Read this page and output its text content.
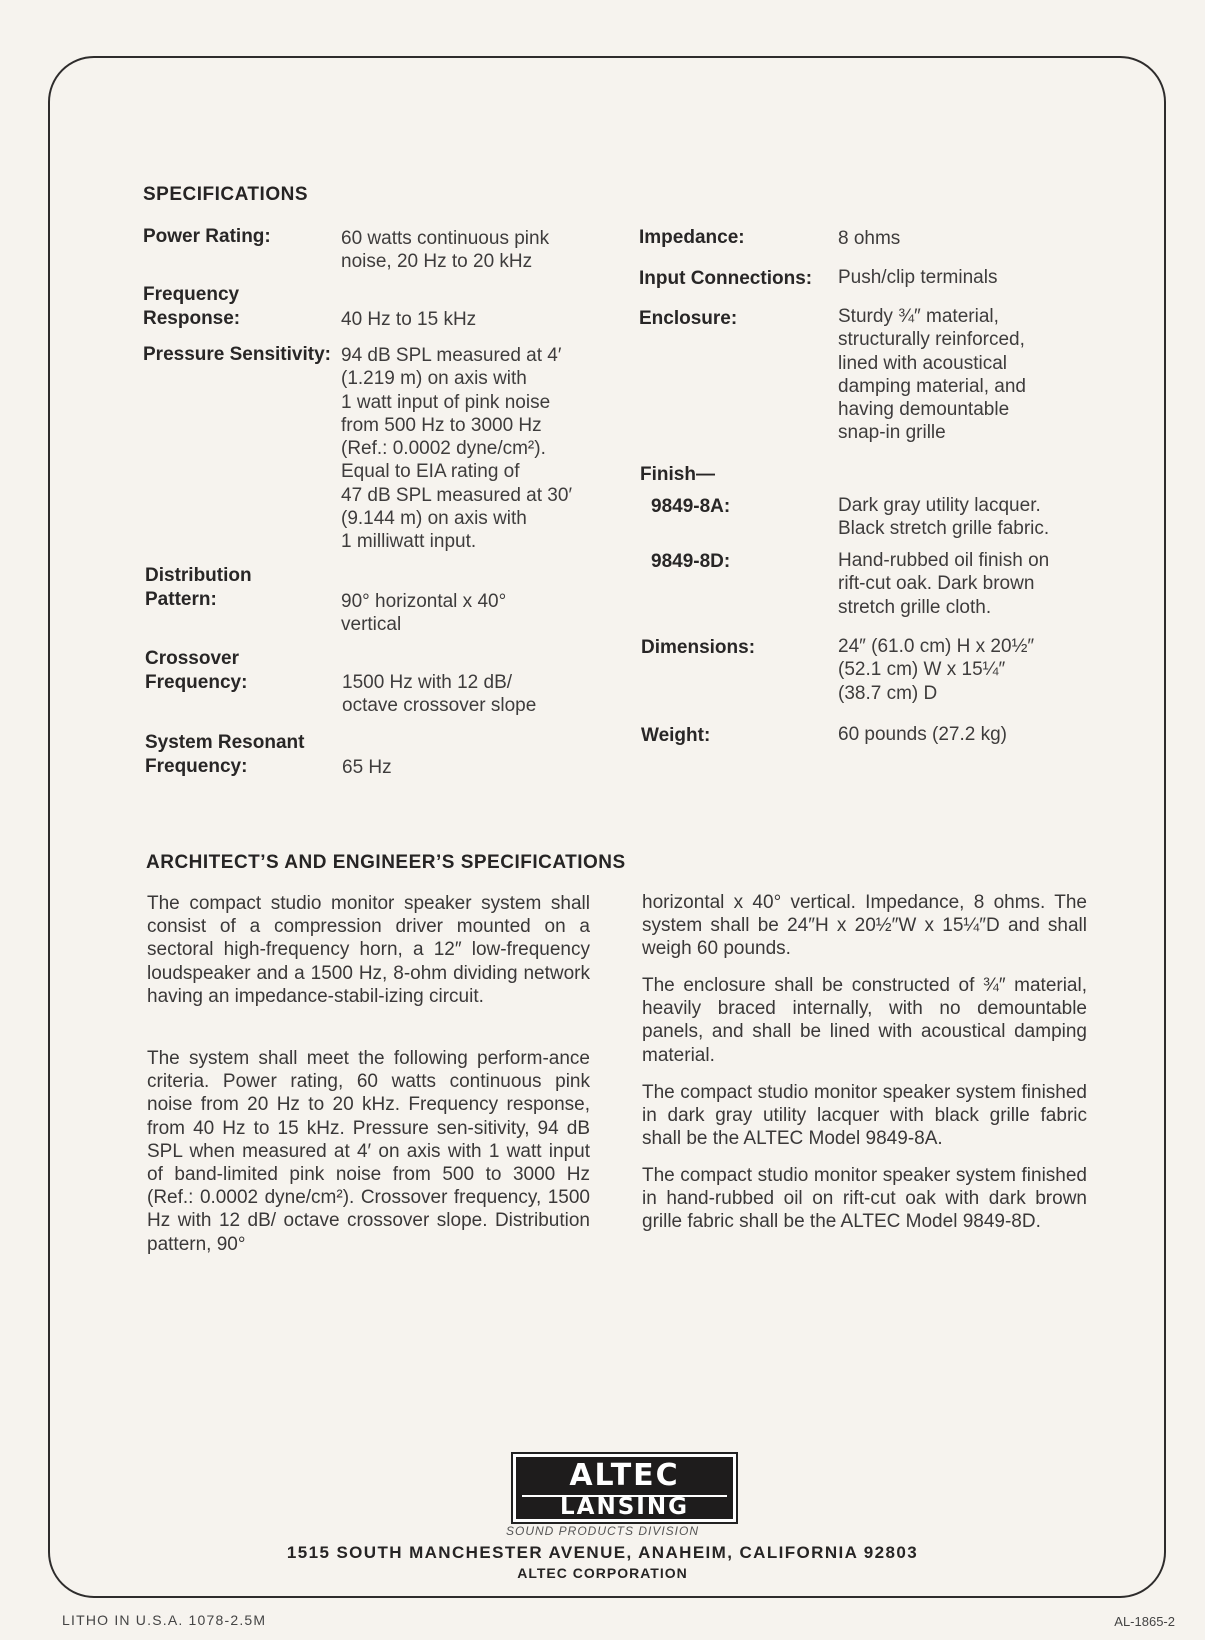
SPECIFICATIONS
Power Rating:	60 watts continuous pink
noise, 20 Hz to 20 kHz
Frequency
Response:	40 Hz to 15 kHz
Pressure Sensitivity: 94 dB SPL measured at 4′
(1.219 m) on axis with
1 watt input of pink noise
from 500 Hz to 3000 Hz
(Ref.: 0.0002 dyne/cm²).
Equal to EIA rating of
47 dB SPL measured at 30′
(9.144 m) on axis with
1 milliwatt input.
Distribution
Pattern:	90° horizontal x 40°
vertical
Crossover
Frequency:	1500 Hz with 12 dB/
octave crossover slope
System Resonant
Frequency:	65 Hz
Impedance:	8 ohms
Input Connections: Push/clip terminals
Enclosure:	Sturdy ¾″ material,
structurally reinforced,
lined with acoustical
damping material, and
having demountable
snap-in grille
Finish—
9849-8A:	Dark gray utility lacquer.
Black stretch grille fabric.
9849-8D:	Hand-rubbed oil finish on
rift-cut oak. Dark brown
stretch grille cloth.
Dimensions:	24″ (61.0 cm) H x 20½″
(52.1 cm) W x 15¼″
(38.7 cm) D
Weight:	60 pounds (27.2 kg)
ARCHITECT’S AND ENGINEER’S SPECIFICATIONS

The compact studio monitor speaker system shall consist of a compression driver mounted on a sectoral high-frequency horn, a 12″ low-frequency loudspeaker and a 1500 Hz, 8-ohm dividing network having an impedance-stabil-izing circuit.

The system shall meet the following perform-ance criteria. Power rating, 60 watts continuous pink noise from 20 Hz to 20 kHz. Frequency response, from 40 Hz to 15 kHz. Pressure sen-sitivity, 94 dB SPL when measured at 4′ on axis with 1 watt input of band-limited pink noise from 500 to 3000 Hz (Ref.: 0.0002 dyne/cm²). Crossover frequency, 1500 Hz with 12 dB/ octave crossover slope. Distribution pattern, 90°

horizontal x 40° vertical. Impedance, 8 ohms. The system shall be 24″H x 20½″W x 15¼″D and shall weigh 60 pounds.

The enclosure shall be constructed of ¾″ material, heavily braced internally, with no demountable panels, and shall be lined with acoustical damping material.

The compact studio monitor speaker system finished in dark gray utility lacquer with black grille fabric shall be the ALTEC Model 9849-8A.

The compact studio monitor speaker system finished in hand-rubbed oil on rift-cut oak with dark brown grille fabric shall be the ALTEC Model 9849-8D.

ALTEC
LANSING
SOUND PRODUCTS DIVISION
1515 SOUTH MANCHESTER AVENUE, ANAHEIM, CALIFORNIA 92803
ALTEC CORPORATION
LITHO IN U.S.A. 1078-2.5M	AL-1865-2
